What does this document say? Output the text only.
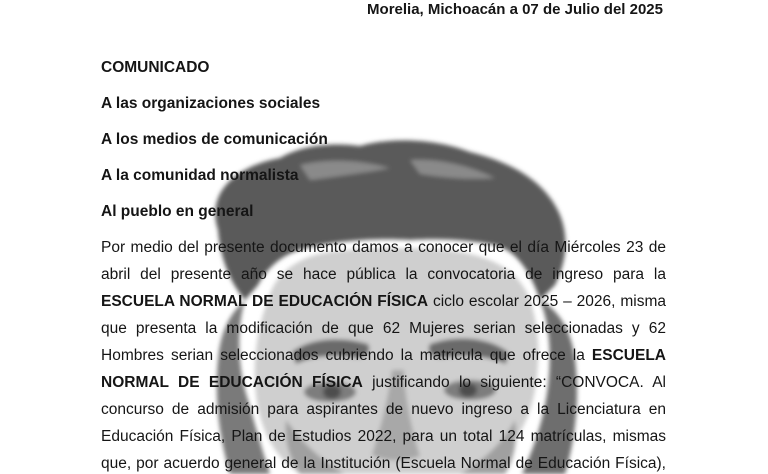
Morelia, Michoacán a 07 de Julio del 2025
COMUNICADO
A las organizaciones sociales
A los medios de comunicación
A la comunidad normalista
Al pueblo en general
Por medio del presente documento damos a conocer que el día Miércoles 23 de
abril del presente año se hace pública la convocatoria de ingreso para la
ESCUELA NORMAL DE EDUCACIÓN FÍSICA ciclo escolar 2025 – 2026, misma
que presenta la modificación de que 62 Mujeres serian seleccionadas y 62
Hombres serian seleccionados cubriendo la matricula que ofrece la ESCUELA
NORMAL DE EDUCACIÓN FÍSICA justificando lo siguiente: “CONVOCA. Al
concurso de admisión para aspirantes de nuevo ingreso a la Licenciatura en
Educación Física, Plan de Estudios 2022, para un total 124 matrículas, mismas
que, por acuerdo general de la Institución (Escuela Normal de Educación Física),
